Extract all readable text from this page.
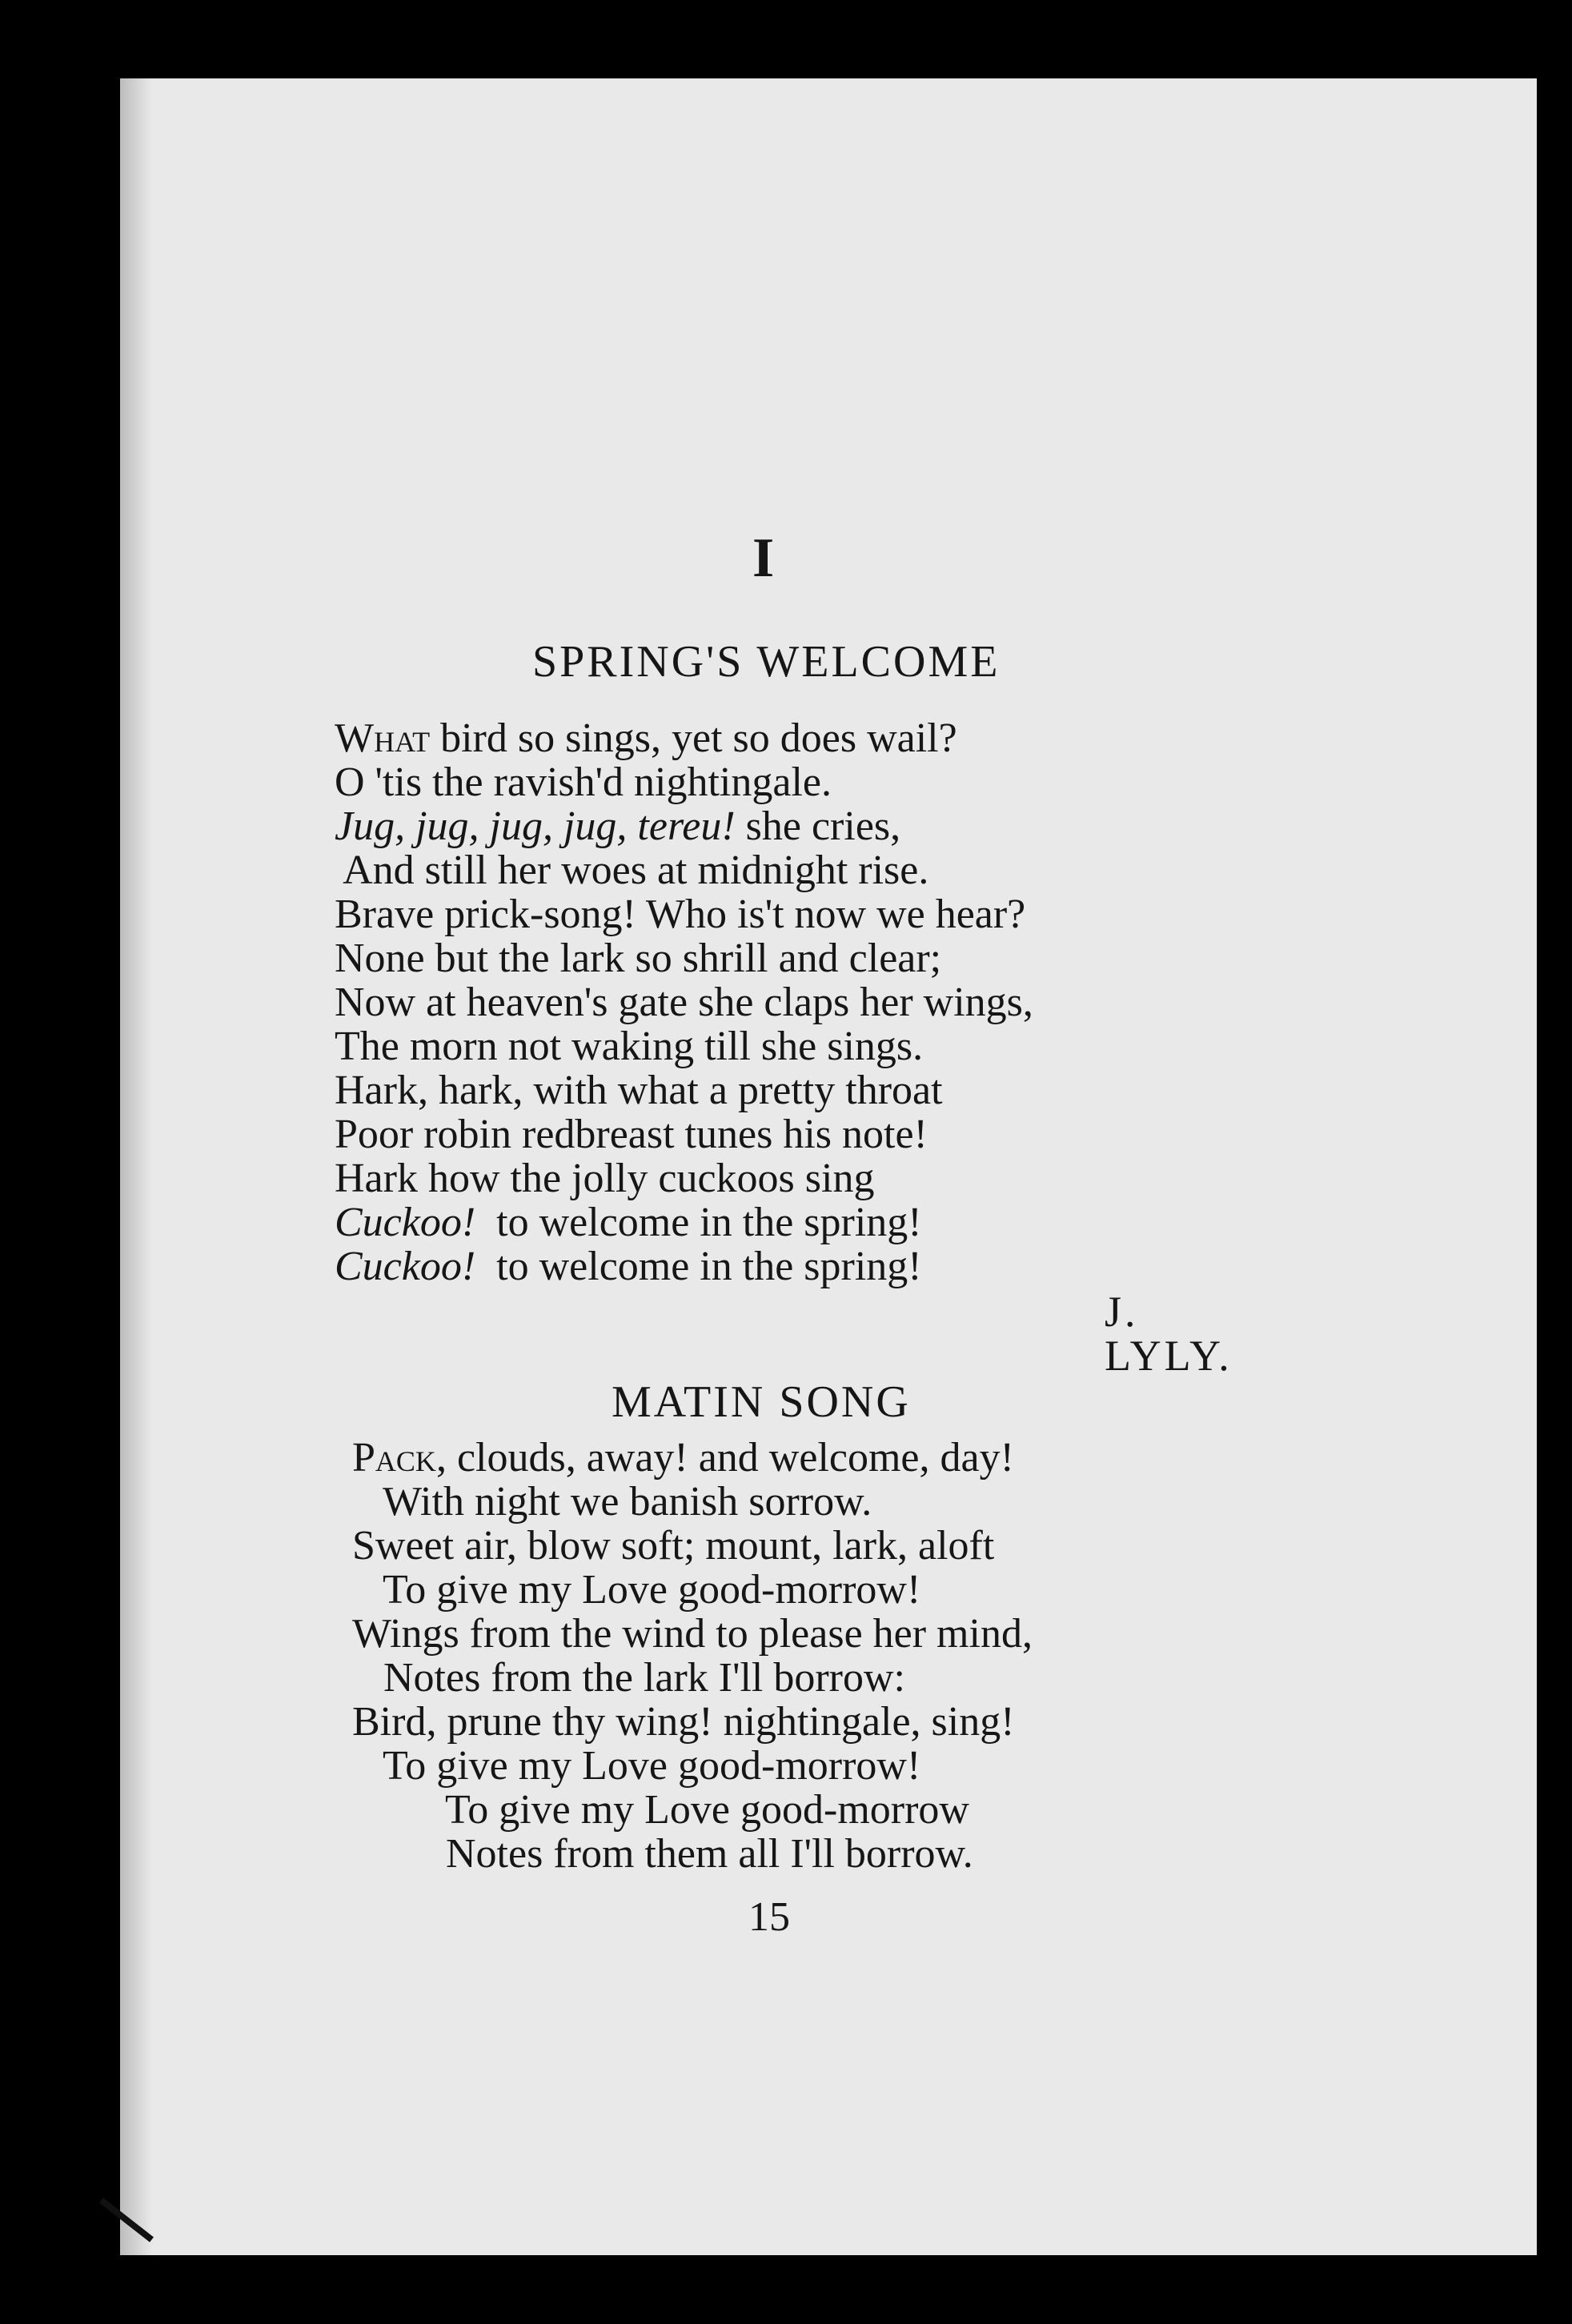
I
SPRING'S WELCOME
What bird so sings, yet so does wail?
O 'tis the ravish'd nightingale.
Jug, jug, jug, jug, tereu! she cries,
And still her woes at midnight rise.
Brave prick-song! Who is't now we hear?
None but the lark so shrill and clear;
Now at heaven's gate she claps her wings,
The morn not waking till she sings.
Hark, hark, with what a pretty throat
Poor robin redbreast tunes his note!
Hark how the jolly cuckoos sing
Cuckoo!  to welcome in the spring!
Cuckoo!  to welcome in the spring!
J. LYLY.
MATIN SONG
Pack, clouds, away! and welcome, day!
With night we banish sorrow.
Sweet air, blow soft; mount, lark, aloft
To give my Love good-morrow!
Wings from the wind to please her mind,
Notes from the lark I'll borrow:
Bird, prune thy wing! nightingale, sing!
To give my Love good-morrow!
To give my Love good-morrow
Notes from them all I'll borrow.
15
